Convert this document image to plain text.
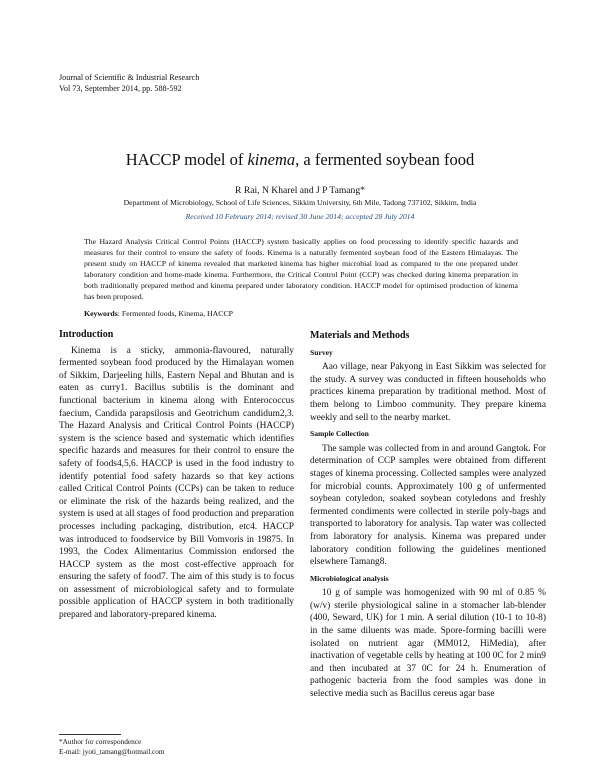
Journal of Scientific & Industrial Research
Vol 73, September 2014, pp. 588-592
HACCP model of kinema, a fermented soybean food
R Rai, N Kharel and J P Tamang*
Department of Microbiology, School of Life Sciences, Sikkim University, 6th Mile, Tadong 737102, Sikkim, India
Received 10 February 2014; revised 30 June 2014; accepted 28 July 2014
The Hazard Analysis Critical Control Points (HACCP) system basically applies on food processing to identify specific hazards and measures for their control to ensure the safety of foods. Kinema is a naturally fermented soybean food of the Eastern Himalayas. The present study on HACCP of kinema revealed that marketed kinema has higher microbial load as compared to the one prepared under laboratory condition and home-made kinema. Furthermore, the Critical Control Point (CCP) was checked during kinema preparation in both traditionally prepared method and kinema prepared under laboratory condition. HACCP model for optimised production of kinema has been proposed.
Keywords: Fermented foods, Kinema, HACCP
Introduction

Kinema is a sticky, ammonia-flavoured, naturally fermented soybean food produced by the Himalayan women of Sikkim, Darjeeling hills, Eastern Nepal and Bhutan and is eaten as curry1. Bacillus subtilis is the dominant and functional bacterium in kinema along with Enterococcus faecium, Candida parapsilosis and Geotrichum candidum2,3. The Hazard Analysis and Critical Control Points (HACCP) system is the science based and systematic which identifies specific hazards and measures for their control to ensure the safety of foods4,5,6. HACCP is used in the food industry to identify potential food safety hazards so that key actions called Critical Control Points (CCPs) can be taken to reduce or eliminate the risk of the hazards being realized, and the system is used at all stages of food production and preparation processes including packaging, distribution, etc4. HACCP was introduced to foodservice by Bill Vomvoris in 19875. In 1993, the Codex Alimentarius Commission endorsed the HACCP system as the most cost-effective approach for ensuring the safety of food7. The aim of this study is to focus on assessment of microbiological safety and to formulate possible application of HACCP system in both traditionally prepared and laboratory-prepared kinema.

Materials and Methods
Survey

Aao village, near Pakyong in East Sikkim was selected for the study. A survey was conducted in fifteen households who practices kinema preparation by traditional method. Most of them belong to Limboo community. They prepare kinema weekly and sell to the nearby market.

Sample Collection

The sample was collected from in and around Gangtok. For determination of CCP samples were obtained from different stages of kinema processing. Collected samples were analyzed for microbial counts. Approximately 100 g of unfermented soybean cotyledon, soaked soybean cotyledons and freshly fermented condiments were collected in sterile poly-bags and transported to laboratory for analysis. Tap water was collected from laboratory for analysis. Kinema was prepared under laboratory condition following the guidelines mentioned elsewhere Tamang8.

Microbiological analysis

10 g of sample was homogenized with 90 ml of 0.85 % (w/v) sterile physiological saline in a stomacher lab-blender (400, Seward, UK) for 1 min. A serial dilution (10-1 to 10-8) in the same diluents was made. Spore-forming bacilli were isolated on nutrient agar (MM012, HiMedia), after inactivation of vegetable cells by heating at 100 0C for 2 min9 and then incubated at 37 0C for 24 h. Enumeration of pathogenic bacteria from the food samples was done in selective media such as Bacillus cereus agar base

*Author for correspondence
E-mail: jyoti_tamang@hotmail.com
